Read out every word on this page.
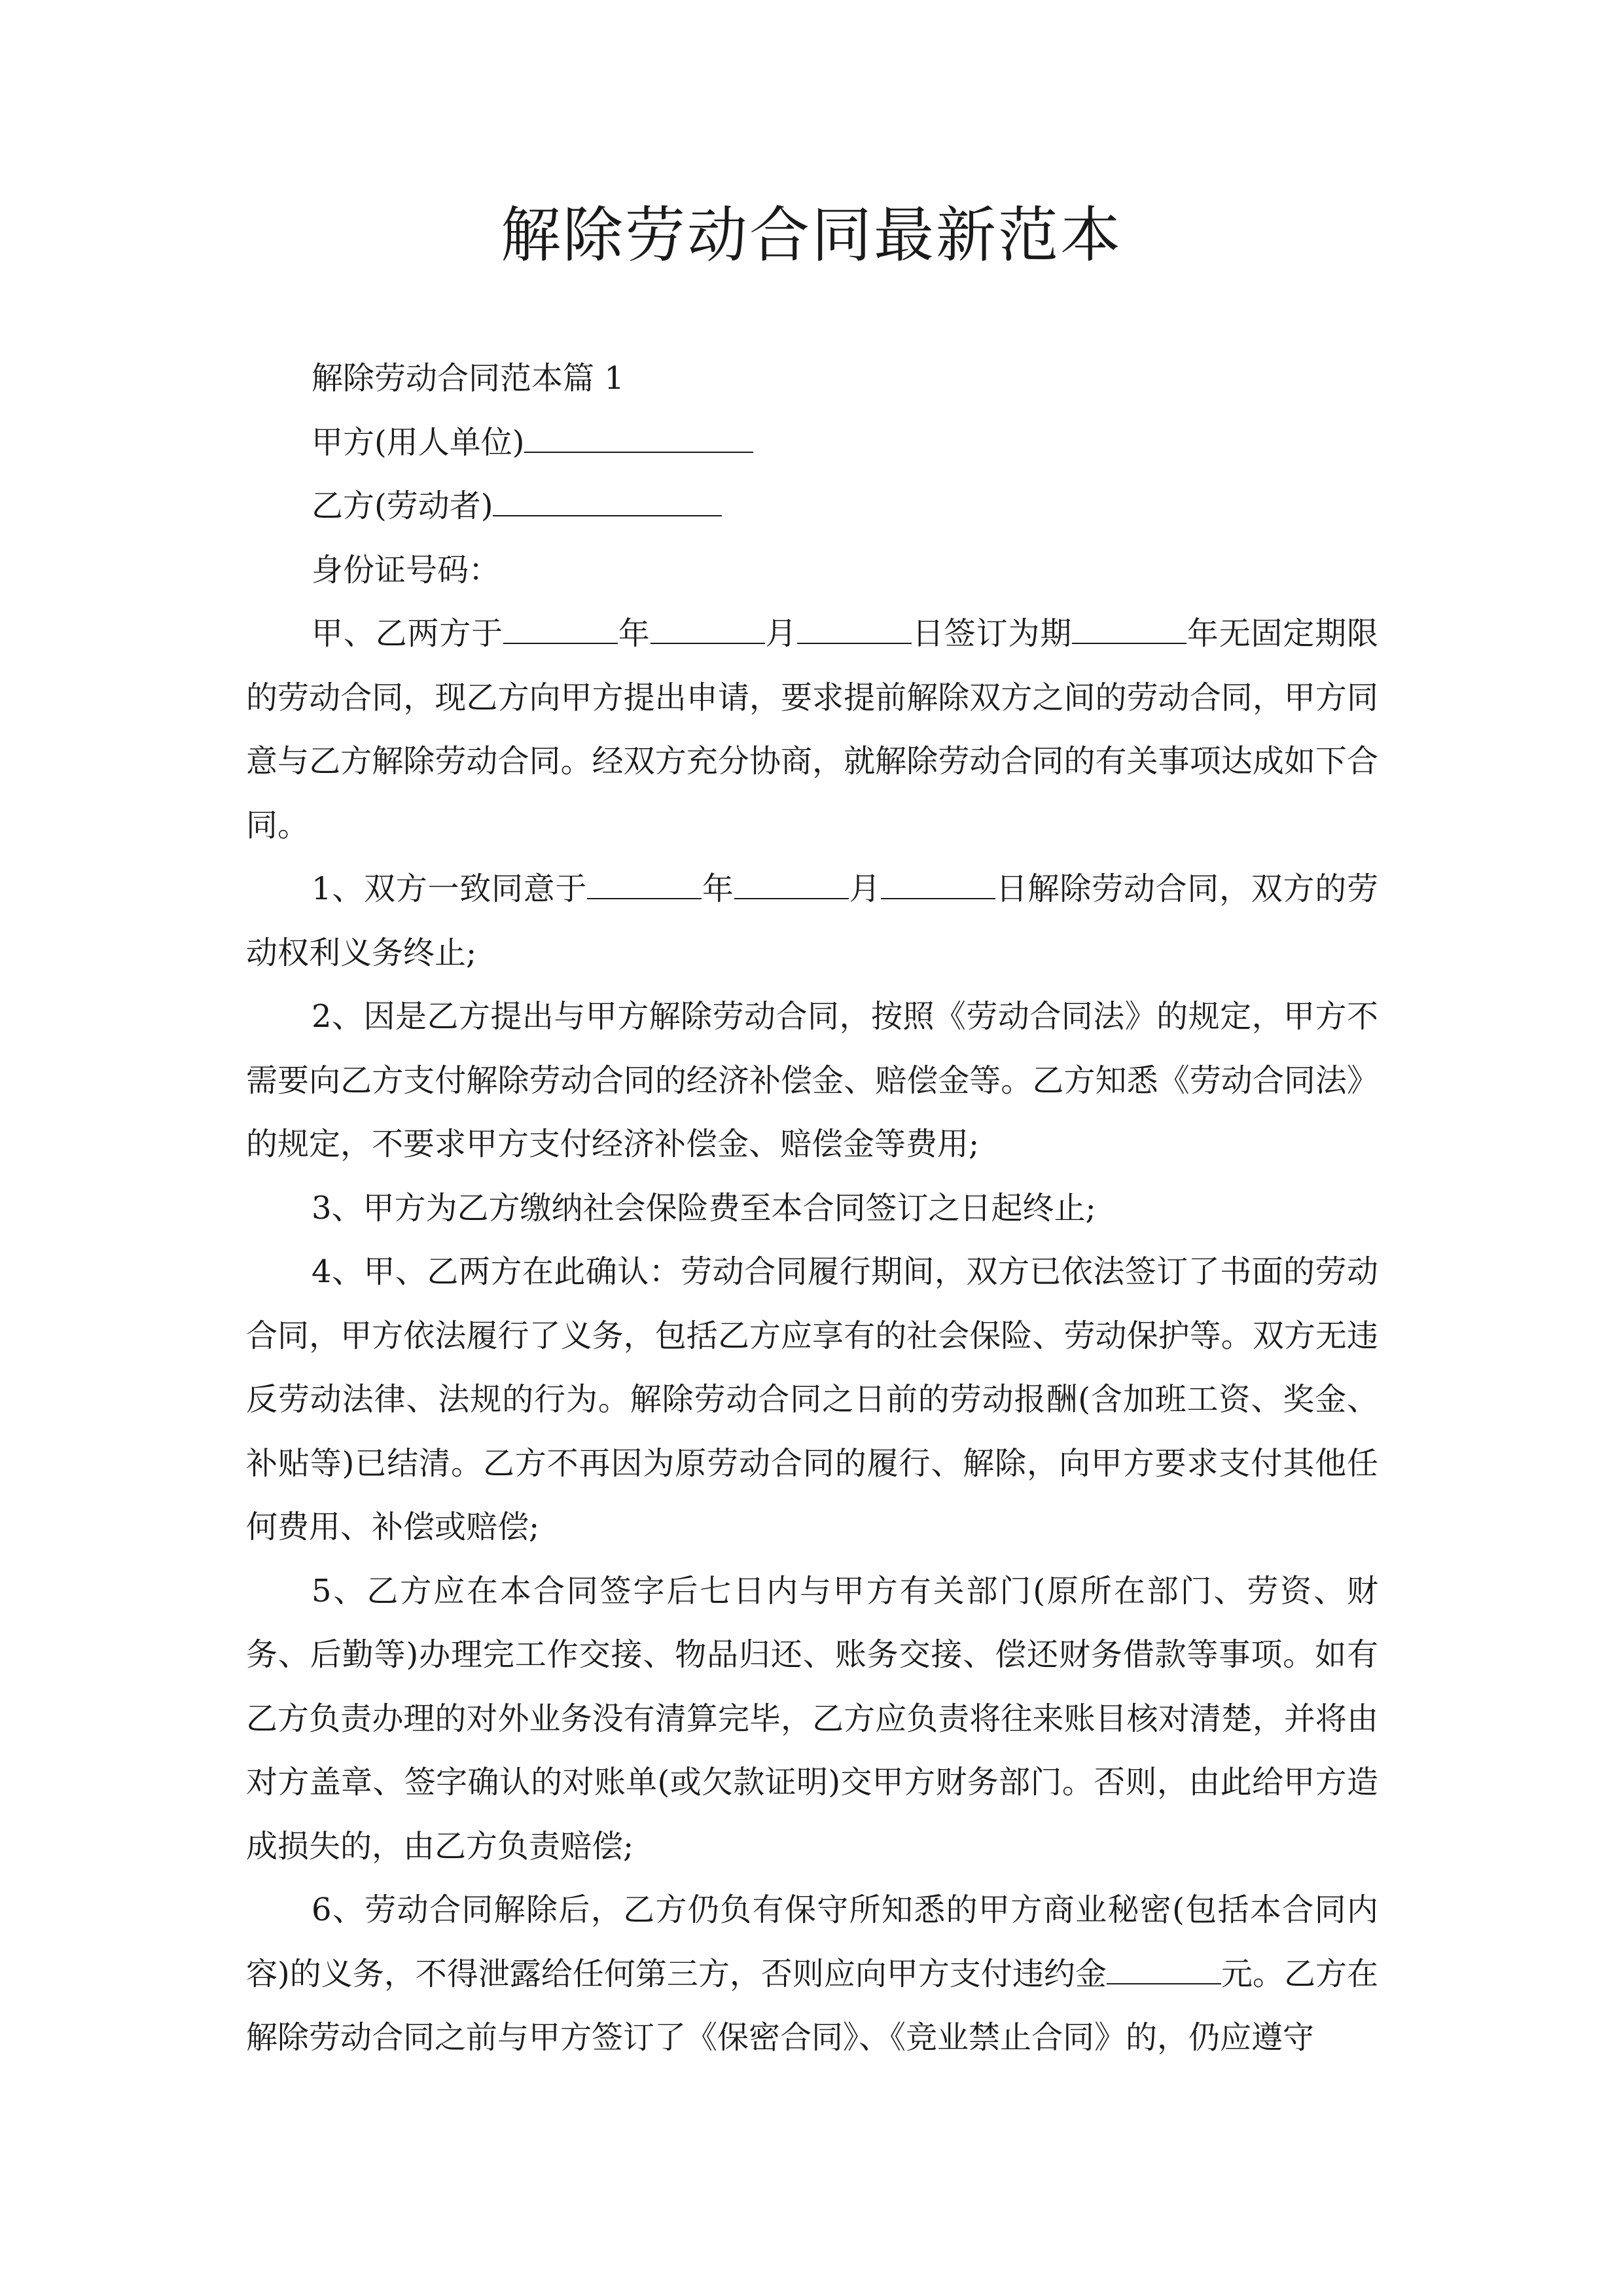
解除劳动合同最新范本

解除劳动合同范本篇 1

甲方(用人单位)

乙方(劳动者)

身份证号码：

甲、乙两方于	年	月	日签订为期	年无固定期限的劳动合同，现乙方向甲方提出申请，要求提前解除双方之间的劳动合同，甲方同意与乙方解除劳动合同。经双方充分协商，就解除劳动合同的有关事项达成如下合同。

1、双方一致同意于	年	月	日解除劳动合同，双方的劳动权利义务终止;

2、因是乙方提出与甲方解除劳动合同，按照《劳动合同法》的规定，甲方不需要向乙方支付解除劳动合同的经济补偿金、赔偿金等。乙方知悉《劳动合同法》的规定，不要求甲方支付经济补偿金、赔偿金等费用;

3、甲方为乙方缴纳社会保险费至本合同签订之日起终止;

4、甲、乙两方在此确认：劳动合同履行期间，双方已依法签订了书面的劳动合同，甲方依法履行了义务，包括乙方应享有的社会保险、劳动保护等。双方无违反劳动法律、法规的行为。解除劳动合同之日前的劳动报酬(含加班工资、奖金、补贴等)已结清。乙方不再因为原劳动合同的履行、解除，向甲方要求支付其他任何费用、补偿或赔偿;

5、乙方应在本合同签字后七日内与甲方有关部门(原所在部门、劳资、财务、后勤等)办理完工作交接、物品归还、账务交接、偿还财务借款等事项。如有乙方负责办理的对外业务没有清算完毕，乙方应负责将往来账目核对清楚，并将由对方盖章、签字确认的对账单(或欠款证明)交甲方财务部门。否则，由此给甲方造成损失的，由乙方负责赔偿;

6、劳动合同解除后，乙方仍负有保守所知悉的甲方商业秘密(包括本合同内容)的义务，不得泄露给任何第三方，否则应向甲方支付违约金	元。乙方在解除劳动合同之前与甲方签订了《保密合同》、《竞业禁止合同》的，仍应遵守
